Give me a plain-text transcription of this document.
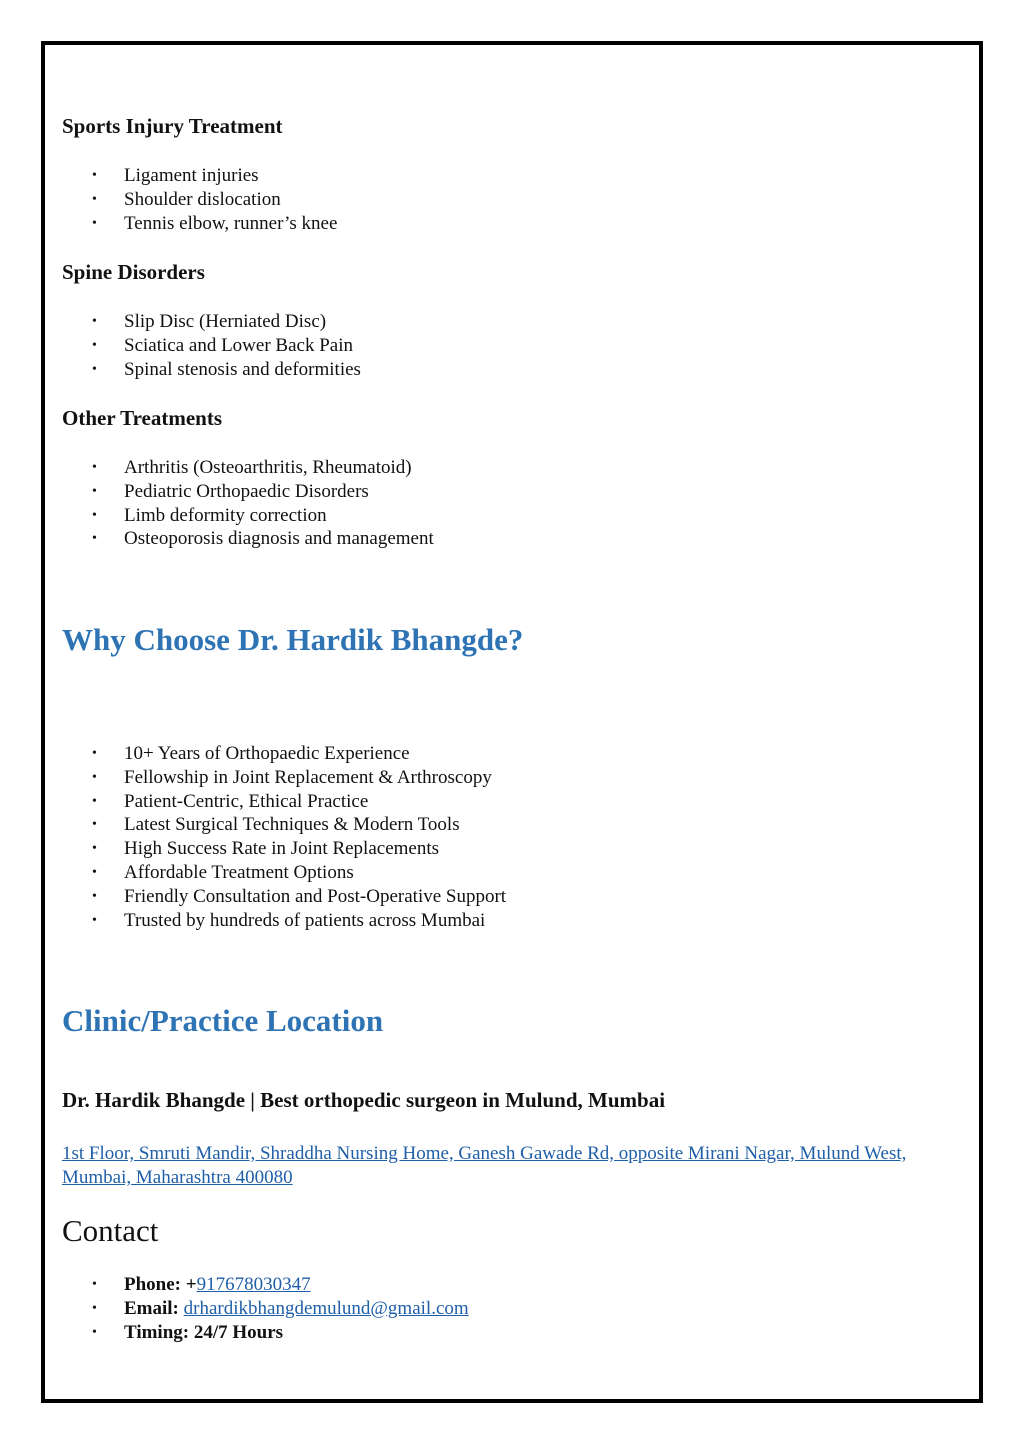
Sports Injury Treatment
• Ligament injuries
• Shoulder dislocation
• Tennis elbow, runner’s knee
Spine Disorders
• Slip Disc (Herniated Disc)
• Sciatica and Lower Back Pain
• Spinal stenosis and deformities
Other Treatments
• Arthritis (Osteoarthritis, Rheumatoid)
• Pediatric Orthopaedic Disorders
• Limb deformity correction
• Osteoporosis diagnosis and management
Why Choose Dr. Hardik Bhangde?
• 10+ Years of Orthopaedic Experience
• Fellowship in Joint Replacement & Arthroscopy
• Patient-Centric, Ethical Practice
• Latest Surgical Techniques & Modern Tools
• High Success Rate in Joint Replacements
• Affordable Treatment Options
• Friendly Consultation and Post-Operative Support
• Trusted by hundreds of patients across Mumbai
Clinic/Practice Location
Dr. Hardik Bhangde | Best orthopedic surgeon in Mulund, Mumbai
1st Floor, Smruti Mandir, Shraddha Nursing Home, Ganesh Gawade Rd, opposite Mirani Nagar, Mulund West, Mumbai, Maharashtra 400080
Contact
• Phone: +917678030347
• Email: drhardikbhangdemulund@gmail.com
• Timing: 24/7 Hours
